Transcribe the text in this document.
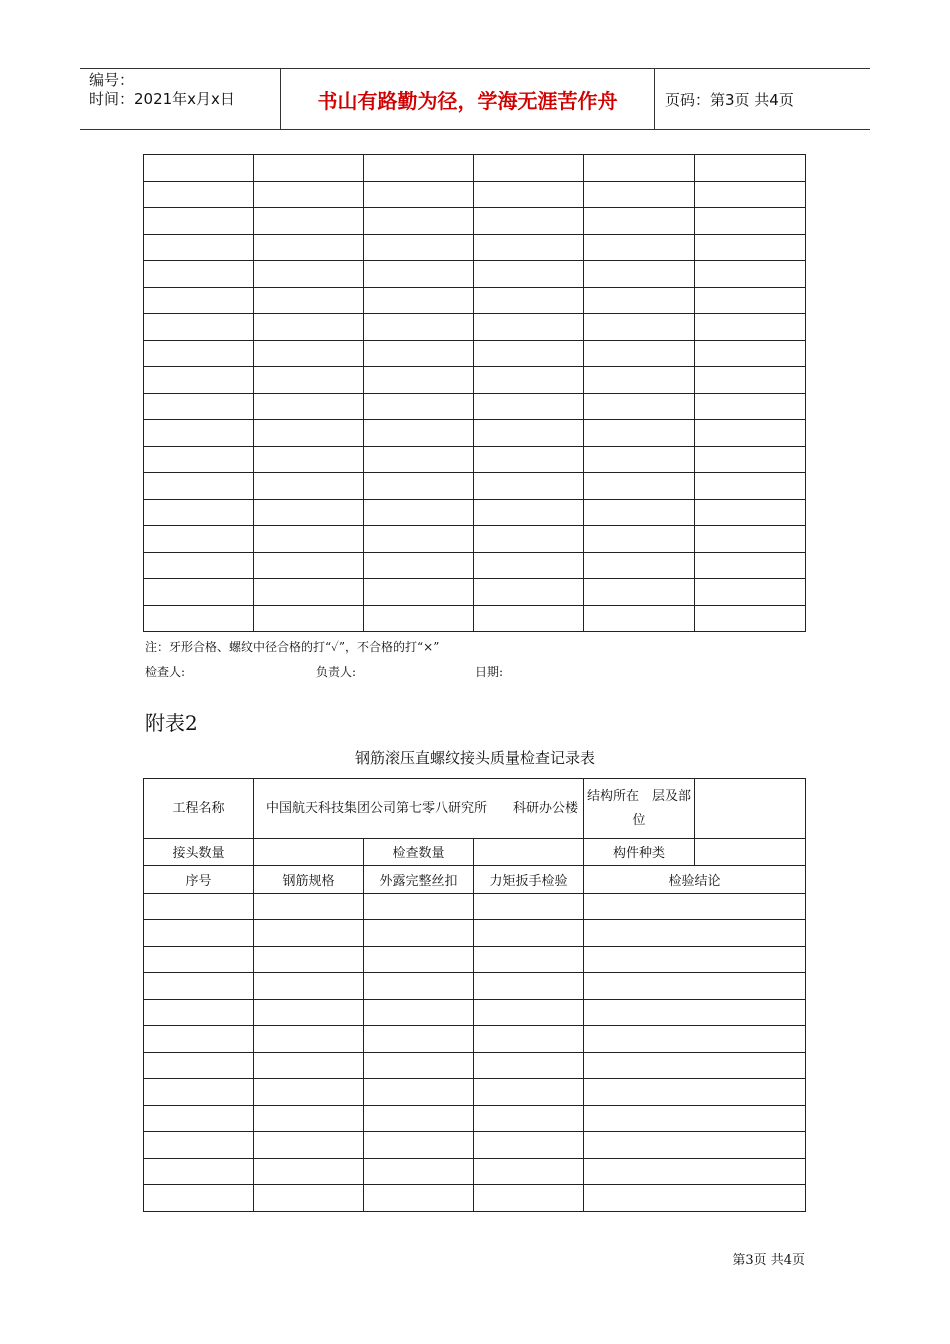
编号：
时间：2021年x月x日	书山有路勤为径，学海无涯苦作舟	页码：第3页 共4页

注：牙形合格、螺纹中径合格的打“✓”，不合格的打“×”
检查人:	负责人:	日期:
附表2
钢筋滚压直螺纹接头质量检查记录表
工程名称	中国航天科技集团公司第七零八研究所　　科研办公楼			结构所在　层及部位	
接头数量		检查数量		构件种类	
序号	钢筋规格	外露完整丝扣	力矩扳手检验	检验结论	

第3页 共4页
